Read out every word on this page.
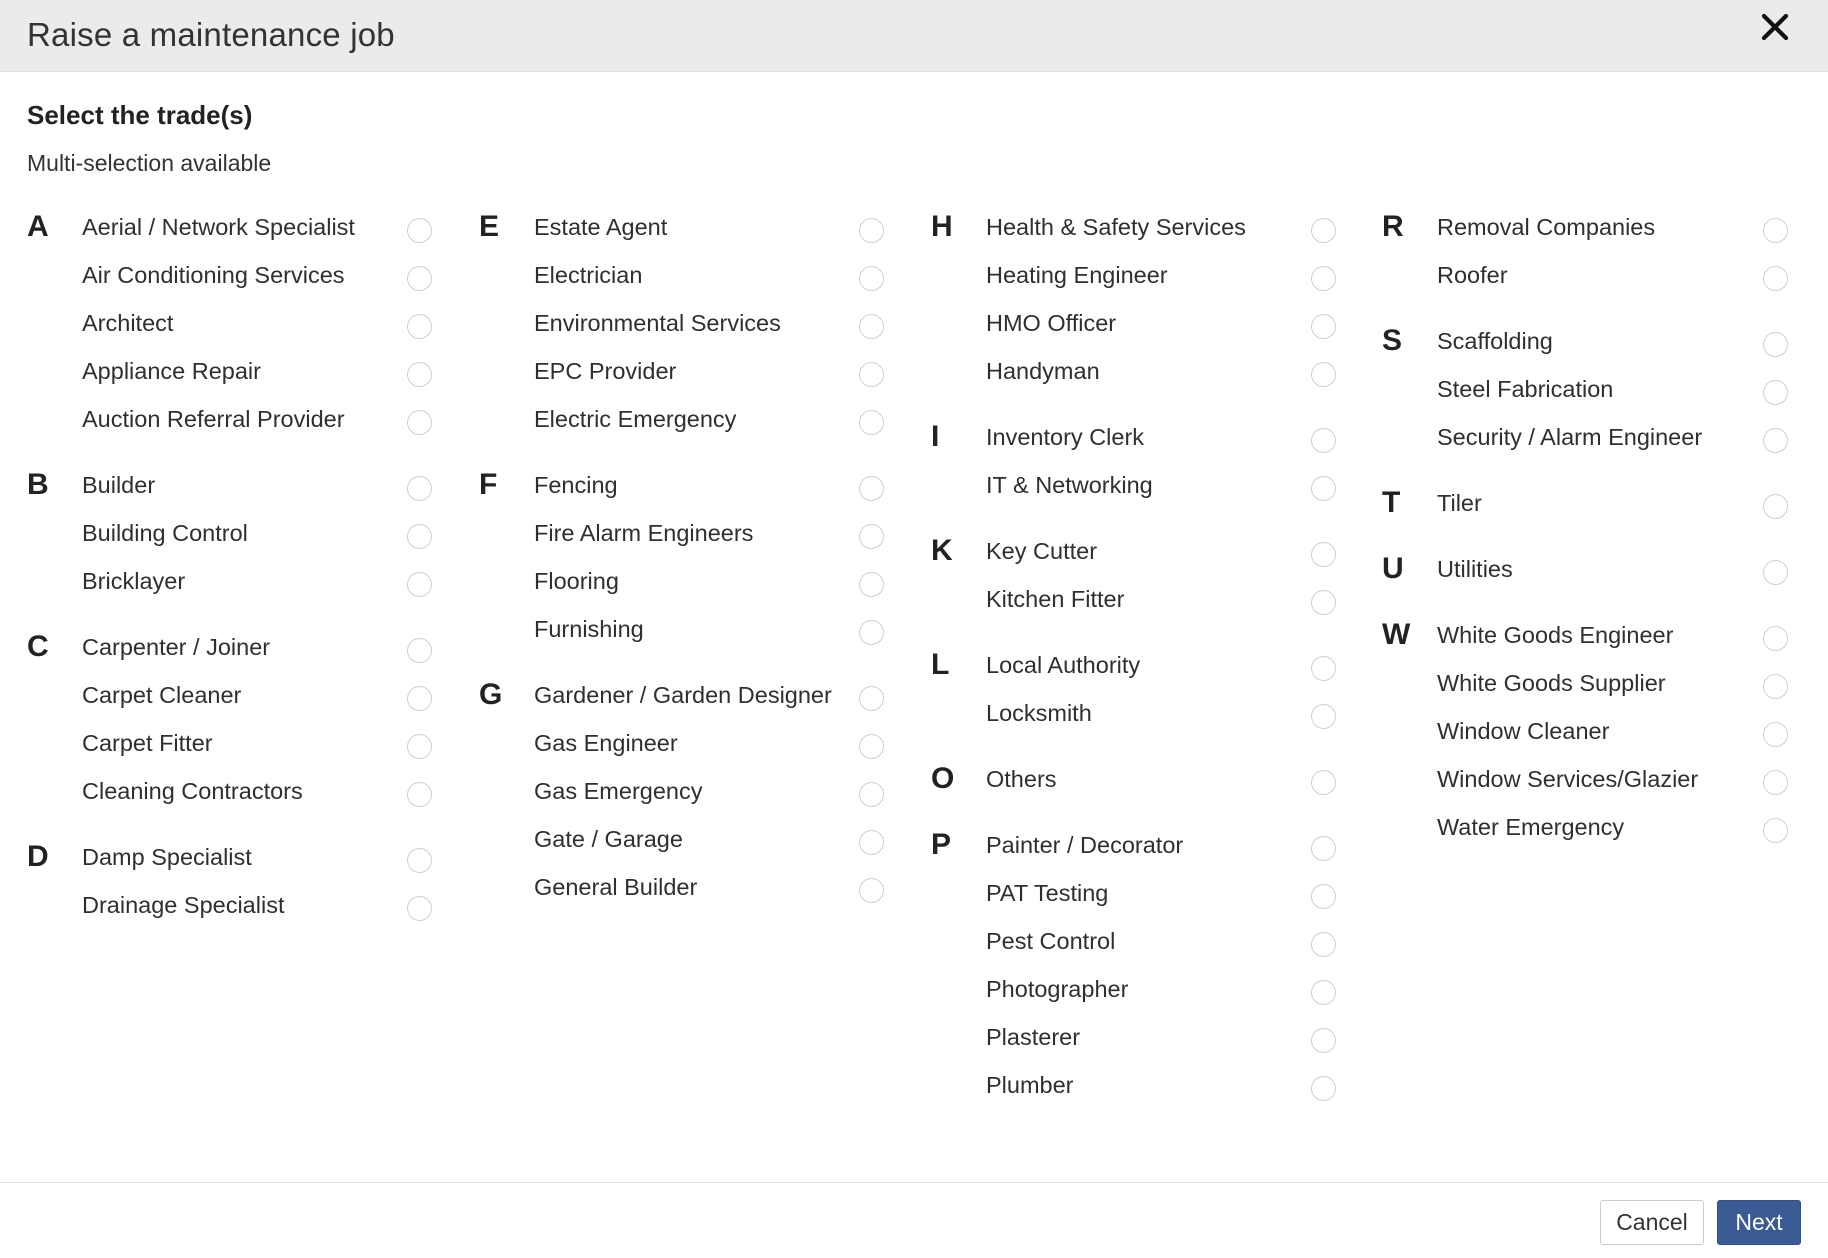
Raise a maintenance job
Select the trade(s)
Multi-selection available
A	Aerial / Network Specialist
Air Conditioning Services
Architect
Appliance Repair
Auction Referral Provider
B	Builder
Building Control
Bricklayer
C	Carpenter / Joiner
Carpet Cleaner
Carpet Fitter
Cleaning Contractors
D	Damp Specialist
Drainage Specialist
E	Estate Agent
Electrician
Environmental Services
EPC Provider
Electric Emergency
F	Fencing
Fire Alarm Engineers
Flooring
Furnishing
G	Gardener / Garden Designer
Gas Engineer
Gas Emergency
Gate / Garage
General Builder
H	Health & Safety Services
Heating Engineer
HMO Officer
Handyman
I	Inventory Clerk
IT & Networking
K	Key Cutter
Kitchen Fitter
L	Local Authority
Locksmith
O	Others
P	Painter / Decorator
PAT Testing
Pest Control
Photographer
Plasterer
Plumber
R	Removal Companies
Roofer
S	Scaffolding
Steel Fabrication
Security / Alarm Engineer
T	Tiler
U	Utilities
W	White Goods Engineer
White Goods Supplier
Window Cleaner
Window Services/Glazier
Water Emergency
Cancel	Next
